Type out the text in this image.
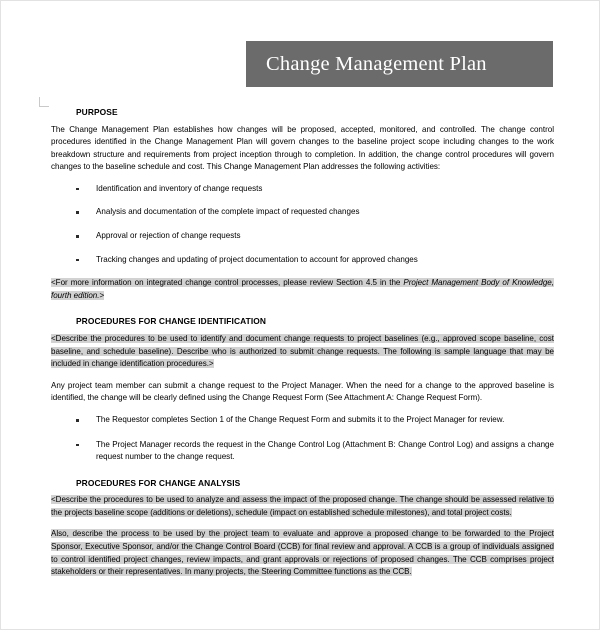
Change Management Plan
PURPOSE

The Change Management Plan establishes how changes will be proposed, accepted, monitored, and controlled. The change control procedures identified in the Change Management Plan will govern changes to the baseline project scope including changes to the work breakdown structure and requirements from project inception through to completion. In addition, the change control procedures will govern changes to the baseline schedule and cost. This Change Management Plan addresses the following activities:

Identification and inventory of change requests
Analysis and documentation of the complete impact of requested changes
Approval or rejection of change requests
Tracking changes and updating of project documentation to account for approved changes

<For more information on integrated change control processes, please review Section 4.5 in the Project Management Body of Knowledge, fourth edition.>

PROCEDURES FOR CHANGE IDENTIFICATION

<Describe the procedures to be used to identify and document change requests to project baselines (e.g., approved scope baseline, cost baseline, and schedule baseline). Describe who is authorized to submit change requests. The following is sample language that may be included in change identification procedures.>

Any project team member can submit a change request to the Project Manager. When the need for a change to the approved baseline is identified, the change will be clearly defined using the Change Request Form (See Attachment A: Change Request Form).

The Requestor completes Section 1 of the Change Request Form and submits it to the Project Manager for review.
The Project Manager records the request in the Change Control Log (Attachment B: Change Control Log) and assigns a change request number to the change request.
PROCEDURES FOR CHANGE ANALYSIS

<Describe the procedures to be used to analyze and assess the impact of the proposed change. The change should be assessed relative to the projects baseline scope (additions or deletions), schedule (impact on established schedule milestones), and total project costs.

Also, describe the process to be used by the project team to evaluate and approve a proposed change to be forwarded to the Project Sponsor, Executive Sponsor, and/or the Change Control Board (CCB) for final review and approval. A CCB is a group of individuals assigned to control identified project changes, review impacts, and grant approvals or rejections of proposed changes. The CCB comprises project stakeholders or their representatives. In many projects, the Steering Committee functions as the CCB.
